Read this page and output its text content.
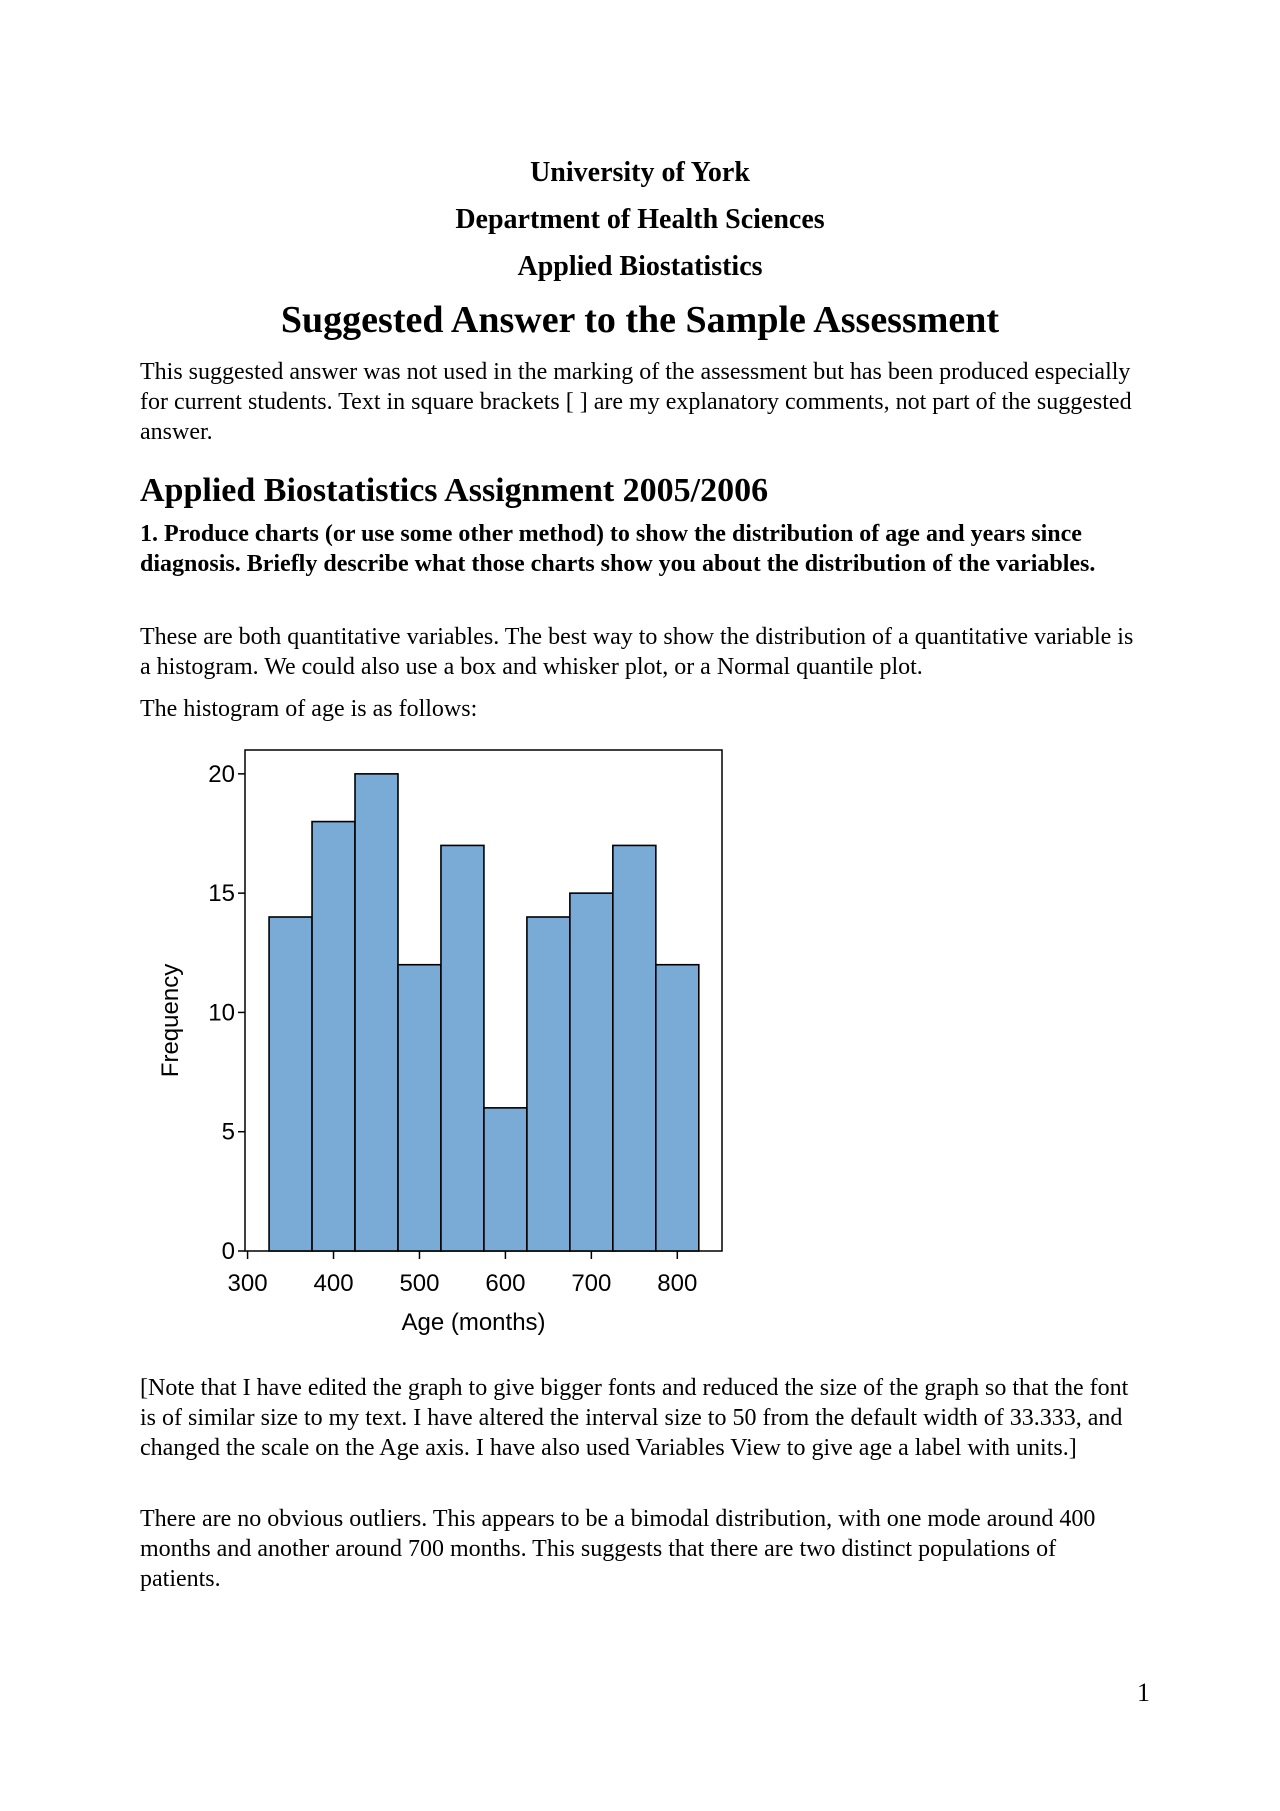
University of York
Department of Health Sciences
Applied Biostatistics
Suggested Answer to the Sample Assessment

This suggested answer was not used in the marking of the assessment but has been produced especially for current students. Text in square brackets [ ] are my explanatory comments, not part of the suggested answer.

Applied Biostatistics Assignment 2005/2006

1. Produce charts (or use some other method) to show the distribution of age and years since diagnosis. Briefly describe what those charts show you about the distribution of the variables.

These are both quantitative variables. The best way to show the distribution of a quantitative variable is a histogram. We could also use a box and whisker plot, or a Normal quantile plot.

The histogram of age is as follows:

0
5
10
15
20
300 400 500 600 700 800
Age (months)
Frequency

[Note that I have edited the graph to give bigger fonts and reduced the size of the graph so that the font is of similar size to my text. I have altered the interval size to 50 from the default width of 33.333, and changed the scale on the Age axis. I have also used Variables View to give age a label with units.]

There are no obvious outliers. This appears to be a bimodal distribution, with one mode around 400 months and another around 700 months. This suggests that there are two distinct populations of patients.

1
